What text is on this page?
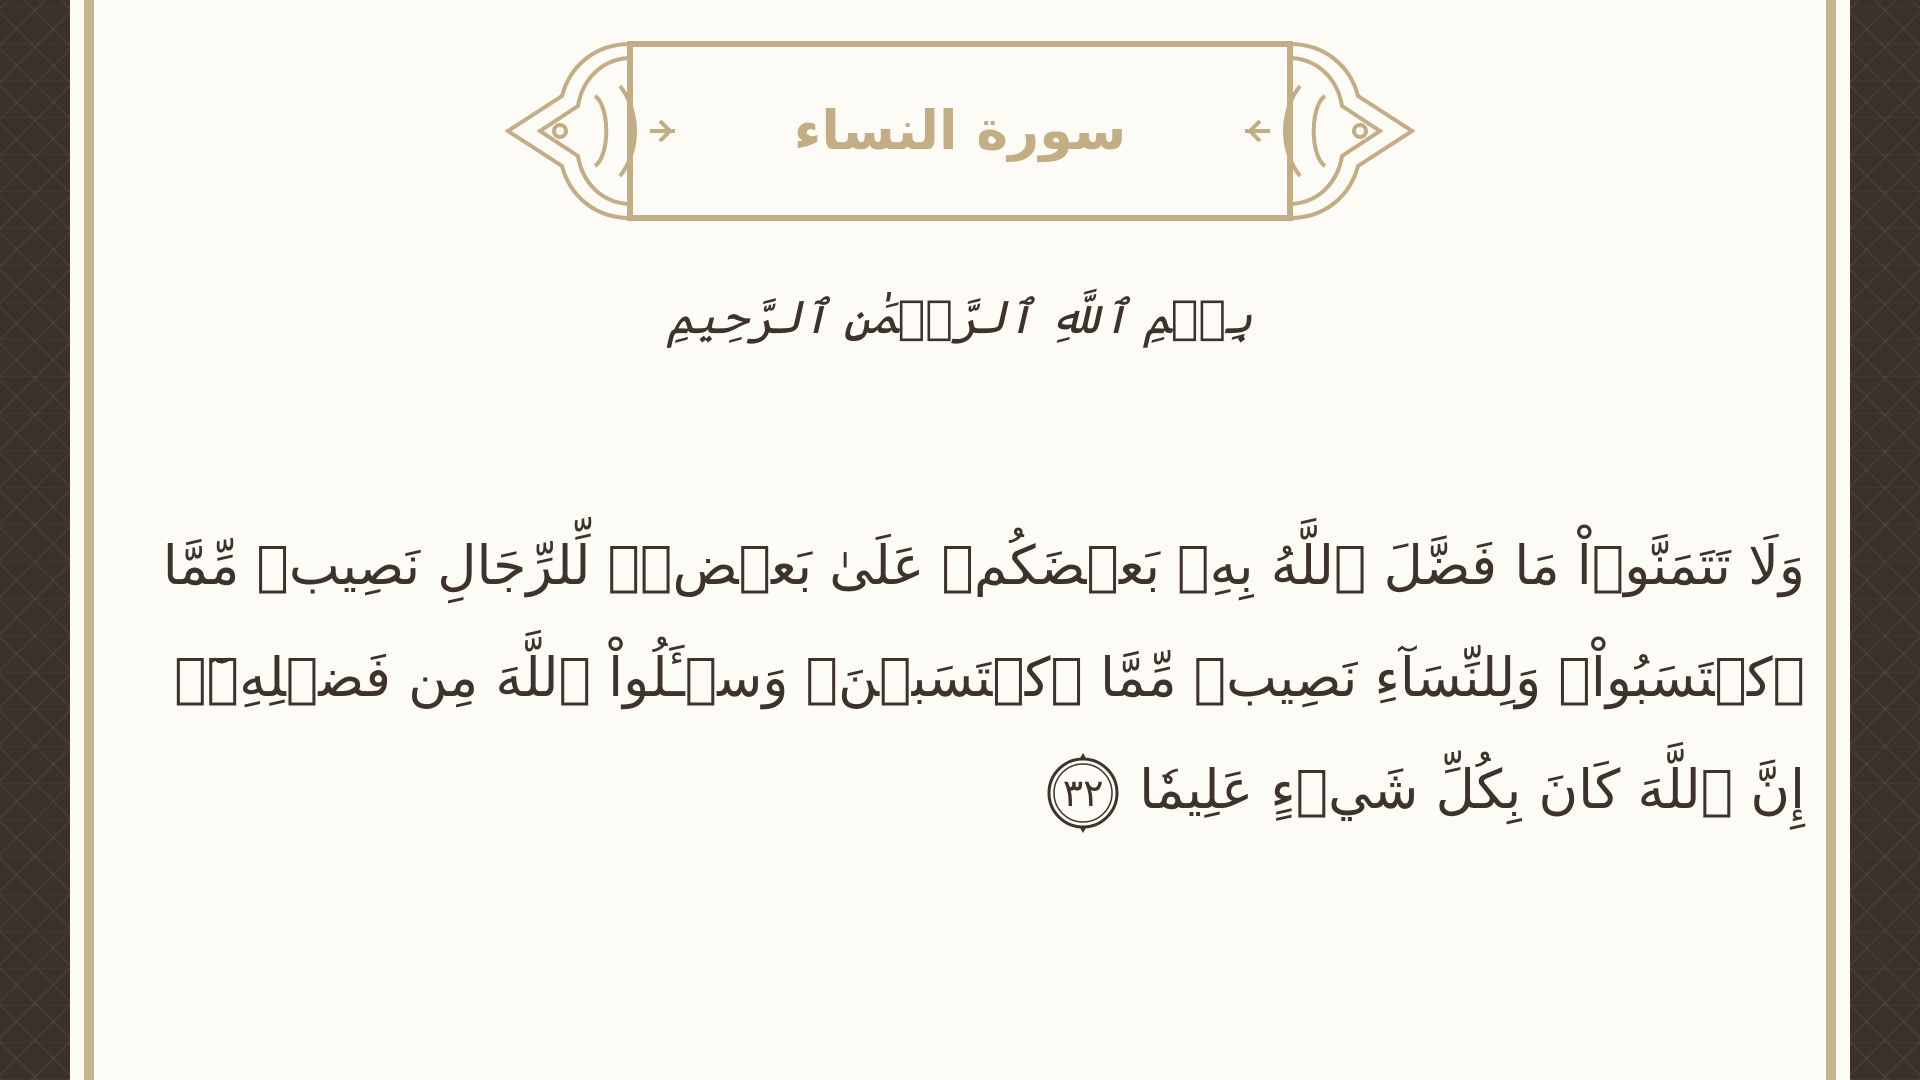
سورة النساء
بِسۡمِ ٱللَّهِ ٱلرَّحۡمَٰنِ ٱلرَّحِيمِ
وَلَا تَتَمَنَّوۡاْ مَا فَضَّلَ ٱللَّهُ بِهِۦ بَعۡضَكُمۡ عَلَىٰ بَعۡضٖۚ لِّلرِّجَالِ نَصِيبٞ مِّمَّا ٱكۡتَسَبُواْۖ وَلِلنِّسَآءِ نَصِيبٞ مِّمَّا ٱكۡتَسَبۡنَۚ وَسۡـَٔلُواْ ٱللَّهَ مِن فَضۡلِهِۦٓۚ إِنَّ ٱللَّهَ كَانَ بِكُلِّ شَيۡءٍ عَلِيمٗا
٣٢
